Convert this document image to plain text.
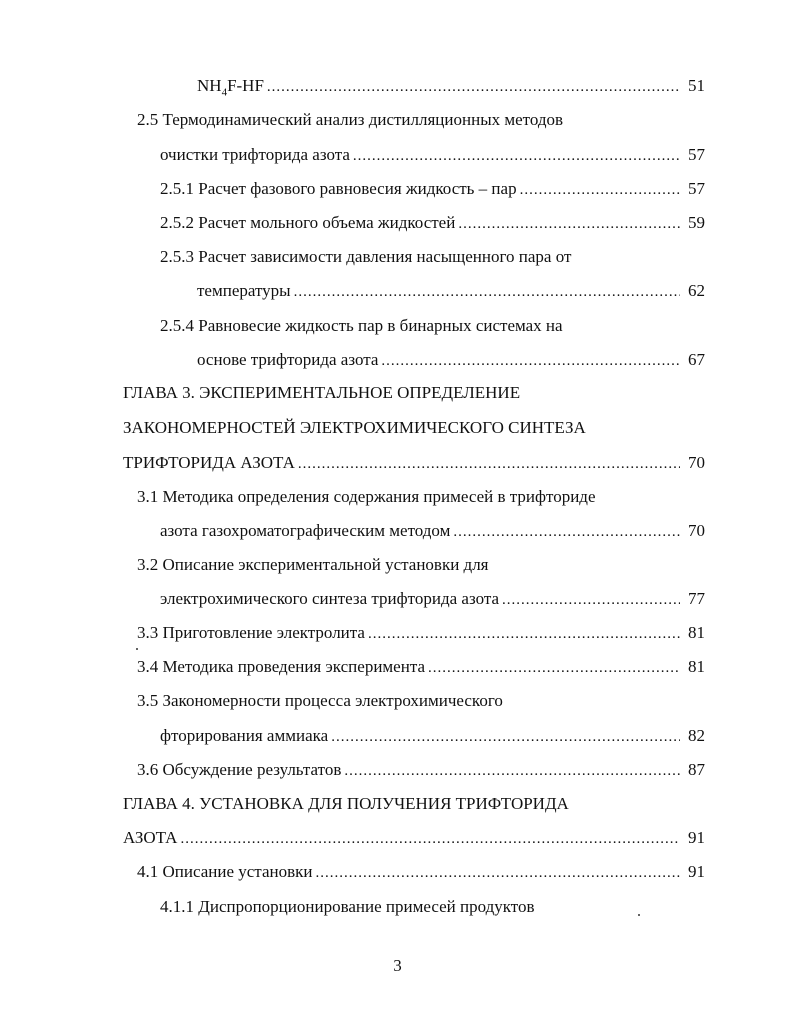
$NH_4F-HF$ .....	51
2.5 Термодинамический анализ дистилляционных методов
очистки трифторида азота .....	57
2.5.1 Расчет фазового равновесия жидкость – пар .....	57
2.5.2 Расчет мольного объема жидкостей .....	59
2.5.3 Расчет зависимости давления насыщенного пара от
температуры .....	62
2.5.4 Равновесие жидкость пар в бинарных системах на
основе трифторида азота .....	67
ГЛАВА 3. ЭКСПЕРИМЕНТАЛЬНОЕ ОПРЕДЕЛЕНИЕ
ЗАКОНОМЕРНОСТЕЙ ЭЛЕКТРОХИМИЧЕСКОГО СИНТЕЗА
ТРИФТОРИДА АЗОТА .....	70
3.1 Методика определения содержания примесей в трифториде
азота газохроматографическим методом .....	70
3.2 Описание экспериментальной установки для
электрохимического синтеза трифторида азота .....	77
3.3 Приготовление электролита .....	81
3.4 Методика проведения эксперимента .....	81
3.5 Закономерности процесса электрохимического
фторирования аммиака .....	82
3.6 Обсуждение результатов .....	87
ГЛАВА 4. УСТАНОВКА ДЛЯ ПОЛУЧЕНИЯ ТРИФТОРИДА
АЗОТА .....	91
4.1 Описание установки .....	91
4.1.1 Диспропорционирование примесей продуктов
3
